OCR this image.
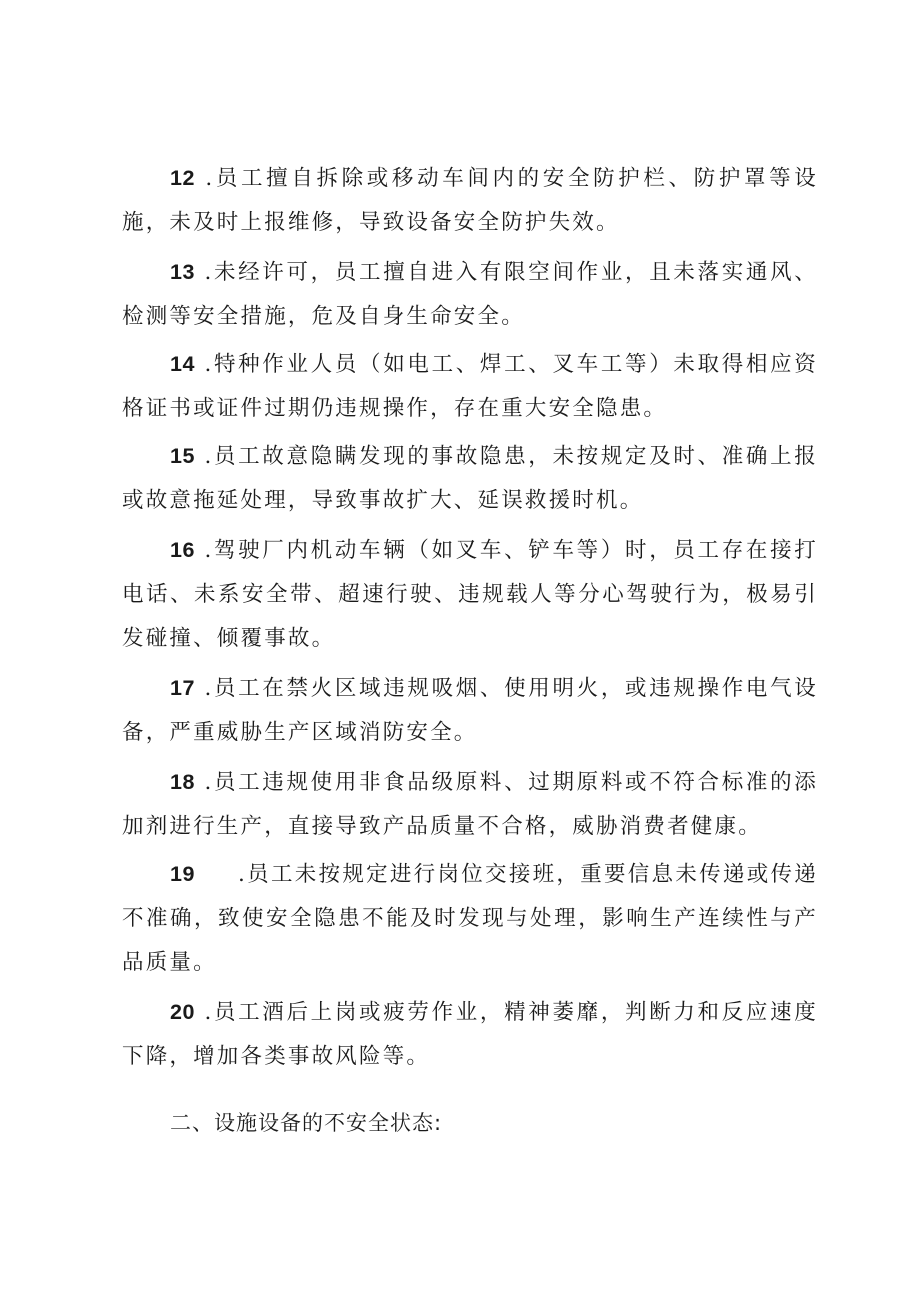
12 .员工擅自拆除或移动车间内的安全防护栏、防护罩等设施，未及时上报维修，导致设备安全防护失效。

13 .未经许可，员工擅自进入有限空间作业，且未落实通风、检测等安全措施，危及自身生命安全。

14 .特种作业人员（如电工、焊工、叉车工等）未取得相应资格证书或证件过期仍违规操作，存在重大安全隐患。

15 .员工故意隐瞒发现的事故隐患，未按规定及时、准确上报或故意拖延处理，导致事故扩大、延误救援时机。

16 .驾驶厂内机动车辆（如叉车、铲车等）时，员工存在接打电话、未系安全带、超速行驶、违规载人等分心驾驶行为，极易引发碰撞、倾覆事故。

17 .员工在禁火区域违规吸烟、使用明火，或违规操作电气设备，严重威胁生产区域消防安全。

18 .员工违规使用非食品级原料、过期原料或不符合标准的添加剂进行生产，直接导致产品质量不合格，威胁消费者健康。

19 .员工未按规定进行岗位交接班，重要信息未传递或传递不准确，致使安全隐患不能及时发现与处理，影响生产连续性与产品质量。

20 .员工酒后上岗或疲劳作业，精神萎靡，判断力和反应速度下降，增加各类事故风险等。

二、设施设备的不安全状态:
